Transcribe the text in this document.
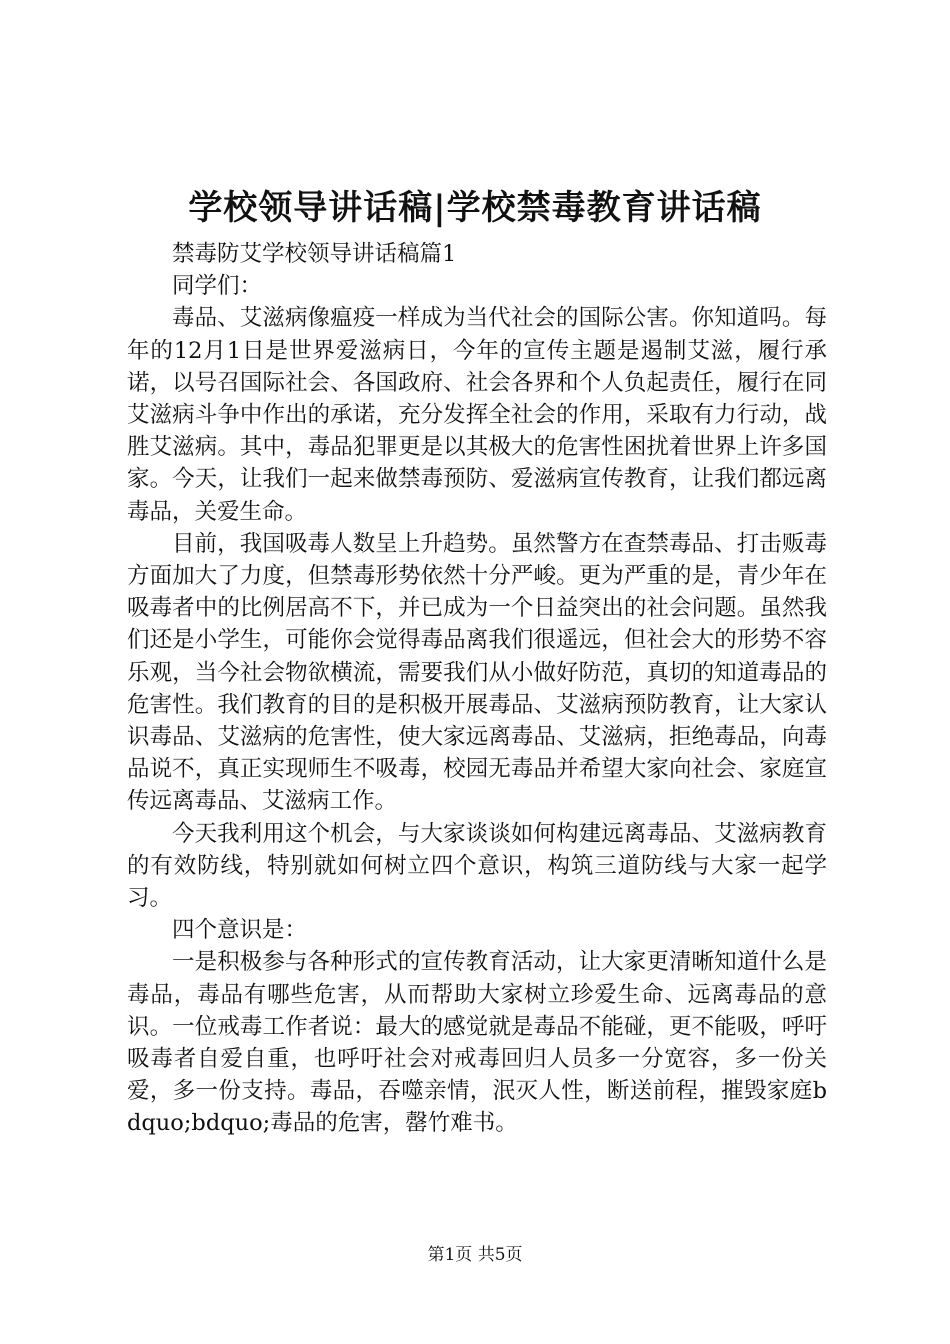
学校领导讲话稿|学校禁毒教育讲话稿

禁毒防艾学校领导讲话稿篇1

同学们：

毒品、艾滋病像瘟疫一样成为当代社会的国际公害。你知道吗。每年的12月1日是世界爱滋病日，今年的宣传主题是遏制艾滋，履行承诺，以号召国际社会、各国政府、社会各界和个人负起责任，履行在同艾滋病斗争中作出的承诺，充分发挥全社会的作用，采取有力行动，战胜艾滋病。其中，毒品犯罪更是以其极大的危害性困扰着世界上许多国家。今天，让我们一起来做禁毒预防、爱滋病宣传教育，让我们都远离毒品，关爱生命。

目前，我国吸毒人数呈上升趋势。虽然警方在查禁毒品、打击贩毒方面加大了力度，但禁毒形势依然十分严峻。更为严重的是，青少年在吸毒者中的比例居高不下，并已成为一个日益突出的社会问题。虽然我们还是小学生，可能你会觉得毒品离我们很遥远，但社会大的形势不容乐观，当今社会物欲横流，需要我们从小做好防范，真切的知道毒品的危害性。我们教育的目的是积极开展毒品、艾滋病预防教育，让大家认识毒品、艾滋病的危害性，使大家远离毒品、艾滋病，拒绝毒品，向毒品说不，真正实现师生不吸毒，校园无毒品并希望大家向社会、家庭宣传远离毒品、艾滋病工作。

今天我利用这个机会，与大家谈谈如何构建远离毒品、艾滋病教育的有效防线，特别就如何树立四个意识，构筑三道防线与大家一起学习。

四个意识是：

一是积极参与各种形式的宣传教育活动，让大家更清晰知道什么是毒品，毒品有哪些危害，从而帮助大家树立珍爱生命、远离毒品的意识。一位戒毒工作者说：最大的感觉就是毒品不能碰，更不能吸，呼吁吸毒者自爱自重，也呼吁社会对戒毒回归人员多一分宽容，多一份关爱，多一份支持。毒品，吞噬亲情，泯灭人性，断送前程，摧毁家庭bdquo;bdquo;毒品的危害，罄竹难书。

第1页 共5页
